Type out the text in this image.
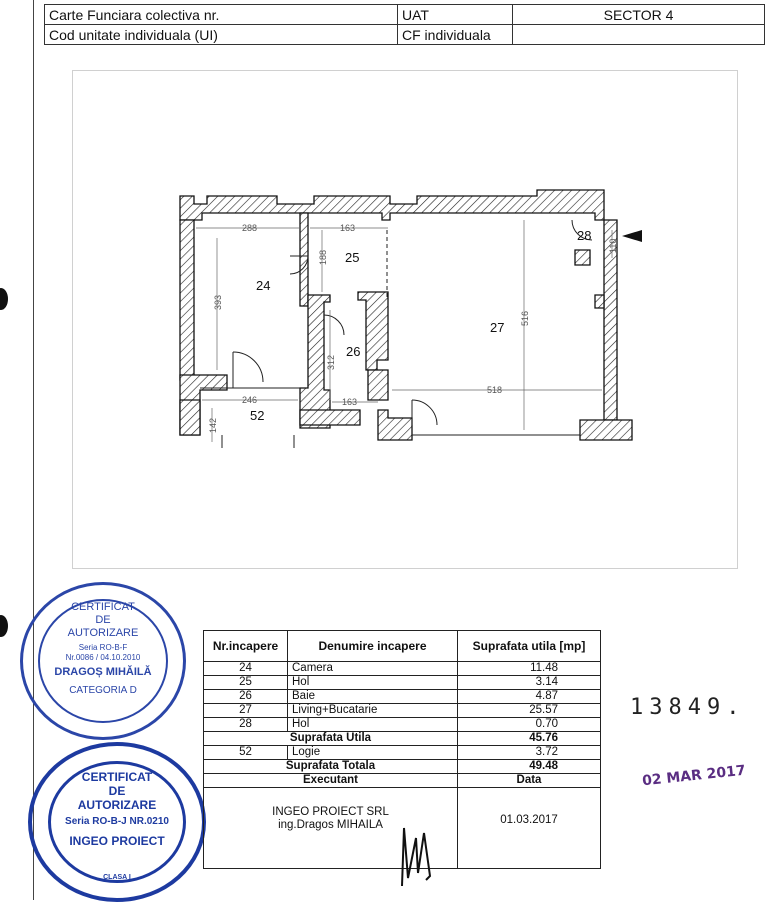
Carte Funciara colectiva nr.	UAT	SECTOR 4
Cod unitate individuala (UI)	CF individuala	
288	163
188
393
516
110
312
246	163
518
142
24
25
26
27
28
52
CERTIFICAT
DE
AUTORIZARE
Seria RO-B-F
Nr.0086 / 04.10.2010
DRAGOȘ MIHĂILĂ
CATEGORIA D
CERTIFICAT
DE
AUTORIZARE
Seria RO-B-J NR.0210
INGEO PROIECT
CLASA I
Nr.incapere	Denumire incapere	Suprafata utila [mp]
24	Camera	11.48
25	Hol	3.14
26	Baie	4.87
27	Living+Bucatarie	25.57
28	Hol	0.70
Suprafata Utila		45.76
52	Logie	3.72
Suprafata Totala		49.48
Executant		Data

INGEO PROIECT SRL
ing.Dragos MIHAILA		01.03.2017
13849.
02 MAR 2017
